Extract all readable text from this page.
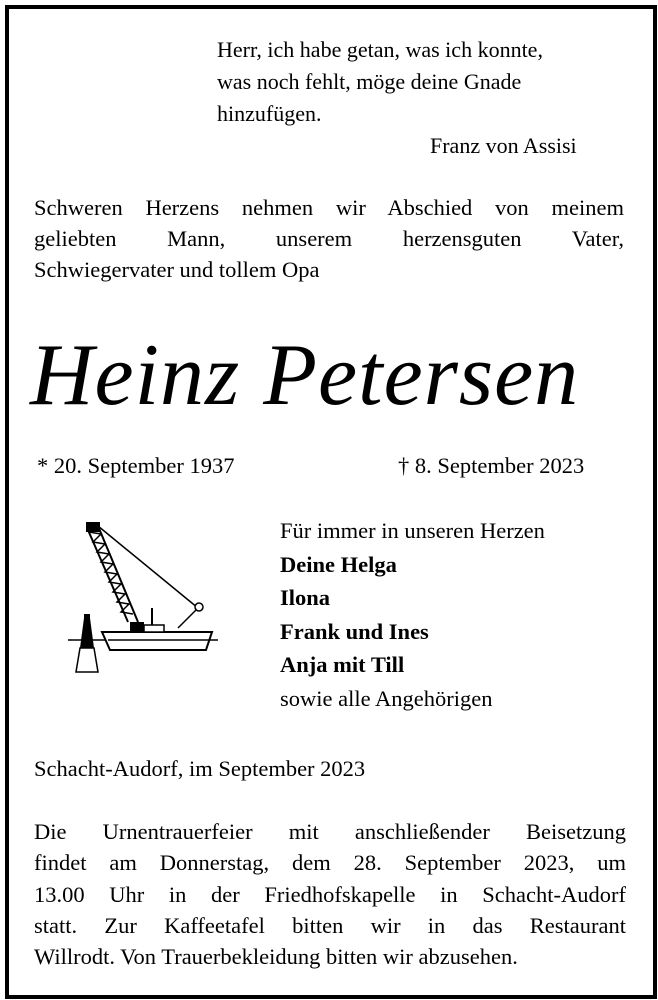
Herr, ich habe getan, was ich konnte,
was noch fehlt, möge deine Gnade
hinzufügen.
Franz von Assisi
Schweren Herzens nehmen wir Abschied von meinem
geliebten Mann, unserem herzensguten Vater,
Schwiegervater und tollem Opa
Heinz Petersen
* 20. September 1937	† 8. September 2023
Für immer in unseren Herzen
Deine Helga
Ilona
Frank und Ines
Anja mit Till
sowie alle Angehörigen
Schacht-Audorf, im September 2023
Die Urnentrauerfeier mit anschließender Beisetzung
findet am Donnerstag, dem 28. September 2023, um
13.00 Uhr in der Friedhofskapelle in Schacht-Audorf
statt. Zur Kaffeetafel bitten wir in das Restaurant
Willrodt. Von Trauerbekleidung bitten wir abzusehen.
